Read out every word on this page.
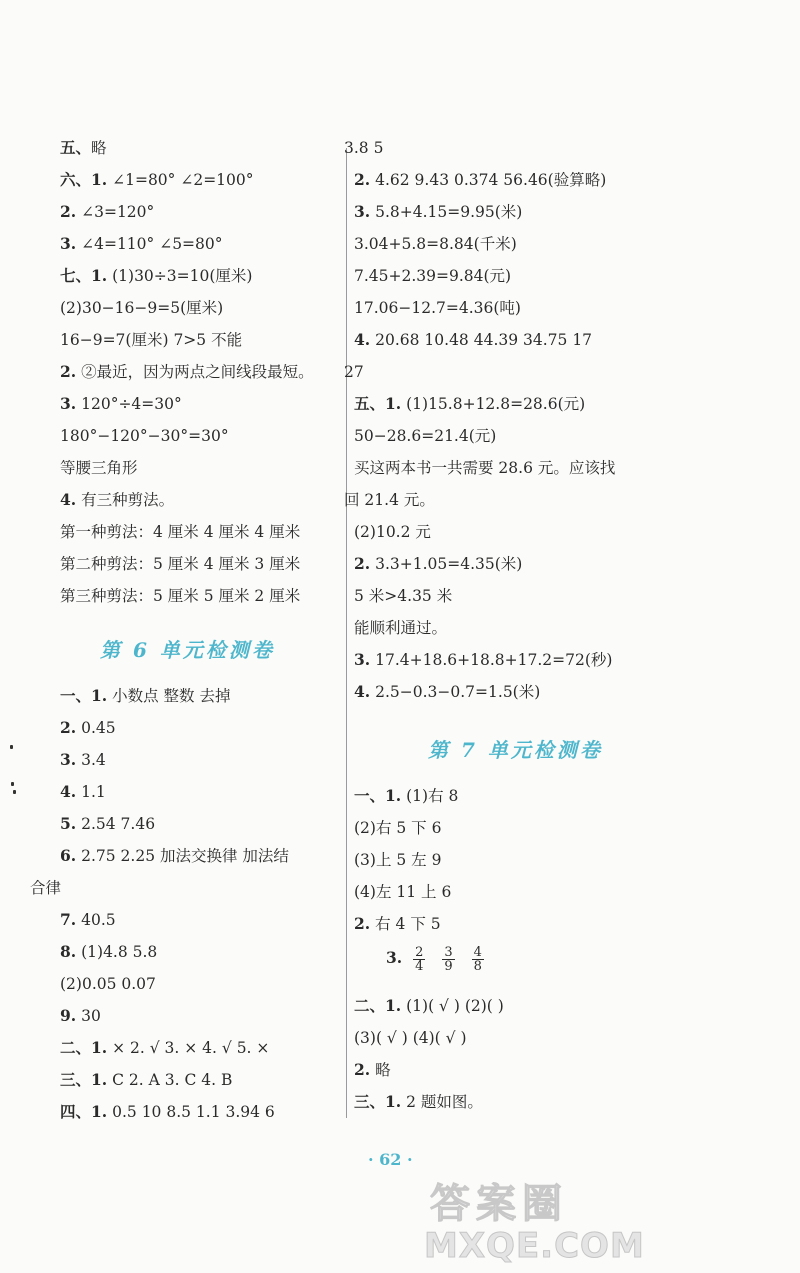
五、略
六、1. ∠1=80° ∠2=100°
2. ∠3=120°
3. ∠4=110° ∠5=80°
七、1. (1)30÷3=10(厘米)
(2)30−16−9=5(厘米)
16−9=7(厘米) 7>5 不能
2. ②最近，因为两点之间线段最短。
3. 120°÷4=30°
180°−120°−30°=30°
等腰三角形
4. 有三种剪法。
第一种剪法：4 厘米 4 厘米 4 厘米
第二种剪法：5 厘米 4 厘米 3 厘米
第三种剪法：5 厘米 5 厘米 2 厘米
一、1. 小数点 整数 去掉
2. 0.45
3. 3.4
4. 1.1
5. 2.54 7.46
6. 2.75 2.25 加法交换律 加法结
合律
7. 40.5
8. (1)4.8 5.8
(2)0.05 0.07
9. 30
二、1. × 2. √ 3. × 4. √ 5. ×
三、1. C 2. A 3. C 4. B
四、1. 0.5 10 8.5 1.1 3.94 6
3.8 5
2. 4.62 9.43 0.374 56.46(验算略)
3. 5.8+4.15=9.95(米)
3.04+5.8=8.84(千米)
7.45+2.39=9.84(元)
17.06−12.7=4.36(吨)
4. 20.68 10.48 44.39 34.75 17
27
五、1. (1)15.8+12.8=28.6(元)
50−28.6=21.4(元)
买这两本书一共需要 28.6 元。应该找
回 21.4 元。
(2)10.2 元
2. 3.3+1.05=4.35(米)
5 米>4.35 米
能顺利通过。
3. 17.4+18.6+18.8+17.2=72(秒)
4. 2.5−0.3−0.7=1.5(米)
一、1. (1)右 8
(2)右 5 下 6
(3)上 5 左 9
(4)左 11 上 6
2. 右 4 下 5
二、1. (1)( √ ) (2)( )
(3)( √ ) (4)( √ )
2. 略
三、1. 2 题如图。
第 6 单元检测卷
第 7 单元检测卷
3. $\frac{2}{4}$
$\frac{3}{9}$
$\frac{4}{8}$
· 62 ·
答案圈
MXQE.COM
